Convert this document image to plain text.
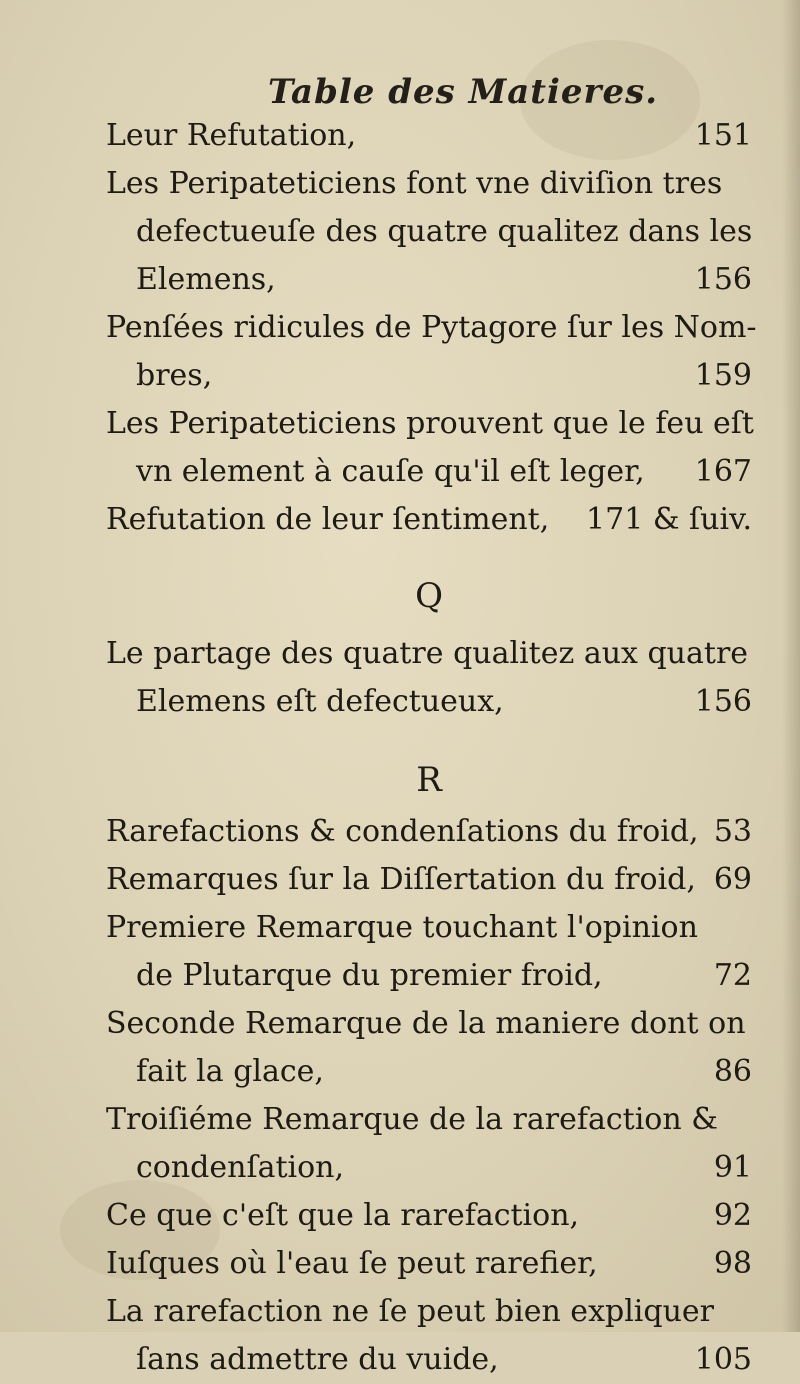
Table des Matieres.
Leur Refutation,	151
Les Peripateticiens font vne diviſion tres
defectueuſe des quatre qualitez dans les
Elemens,	156
Penſées ridicules de Pytagore ſur les Nom-
bres,	159
Les Peripateticiens prouvent que le feu eſt
vn element à cauſe qu'il eſt leger, 167
Refutation de leur ſentiment, 171 & ſuiv.
Q
Le partage des quatre qualitez aux quatre
Elemens eſt defectueux,	156
R
Rarefactions & condenſations du froid, 53
Remarques ſur la Diſſertation du froid, 69
Premiere Remarque touchant l'opinion
de Plutarque du premier froid,	72
Seconde Remarque de la maniere dont on
fait la glace,	86
Troiſiéme Remarque de la rarefaction &
condenſation,	91
Ce que c'eſt que la rarefaction,	92
Iuſques où l'eau ſe peut rarefier,	98
La rarefaction ne ſe peut bien expliquer
ſans admettre du vuide,	105
